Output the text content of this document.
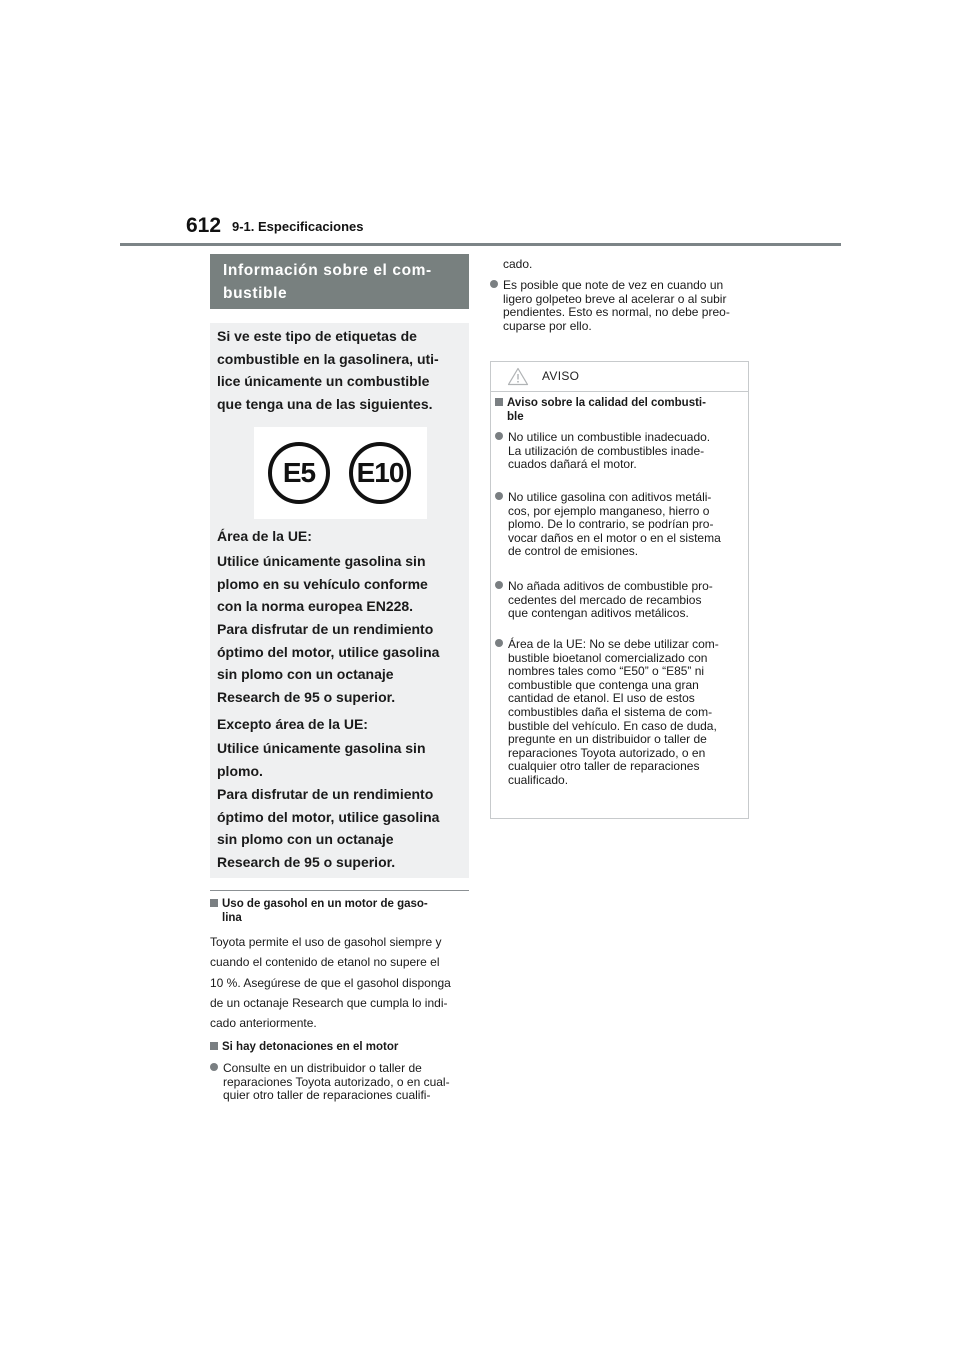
612 9-1. Especificaciones
Información sobre el com-
bustible
Si ve este tipo de etiquetas de
combustible en la gasolinera, uti-
lice únicamente un combustible
que tenga una de las siguientes.
E5	E10
Área de la UE:
Utilice únicamente gasolina sin
plomo en su vehículo conforme
con la norma europea EN228.
Para disfrutar de un rendimiento
óptimo del motor, utilice gasolina
sin plomo con un octanaje
Research de 95 o superior.
Excepto área de la UE:
Utilice únicamente gasolina sin
plomo.
Para disfrutar de un rendimiento
óptimo del motor, utilice gasolina
sin plomo con un octanaje
Research de 95 o superior.
Uso de gasohol en un motor de gaso-
lina
Toyota permite el uso de gasohol siempre y
cuando el contenido de etanol no supere el
10 %. Asegúrese de que el gasohol disponga
de un octanaje Research que cumpla lo indi-
cado anteriormente.
Si hay detonaciones en el motor
Consulte en un distribuidor o taller de
reparaciones Toyota autorizado, o en cual-
quier otro taller de reparaciones cualifi-
cado.
Es posible que note de vez en cuando un
ligero golpeteo breve al acelerar o al subir
pendientes. Esto es normal, no debe preo-
cuparse por ello.
AVISO
Aviso sobre la calidad del combusti-
ble
No utilice un combustible inadecuado.
La utilización de combustibles inade-
cuados dañará el motor.
No utilice gasolina con aditivos metáli-
cos, por ejemplo manganeso, hierro o
plomo. De lo contrario, se podrían pro-
vocar daños en el motor o en el sistema
de control de emisiones.
No añada aditivos de combustible pro-
cedentes del mercado de recambios
que contengan aditivos metálicos.
Área de la UE: No se debe utilizar com-
bustible bioetanol comercializado con
nombres tales como “E50” o “E85” ni
combustible que contenga una gran
cantidad de etanol. El uso de estos
combustibles daña el sistema de com-
bustible del vehículo. En caso de duda,
pregunte en un distribuidor o taller de
reparaciones Toyota autorizado, o en
cualquier otro taller de reparaciones
cualificado.
